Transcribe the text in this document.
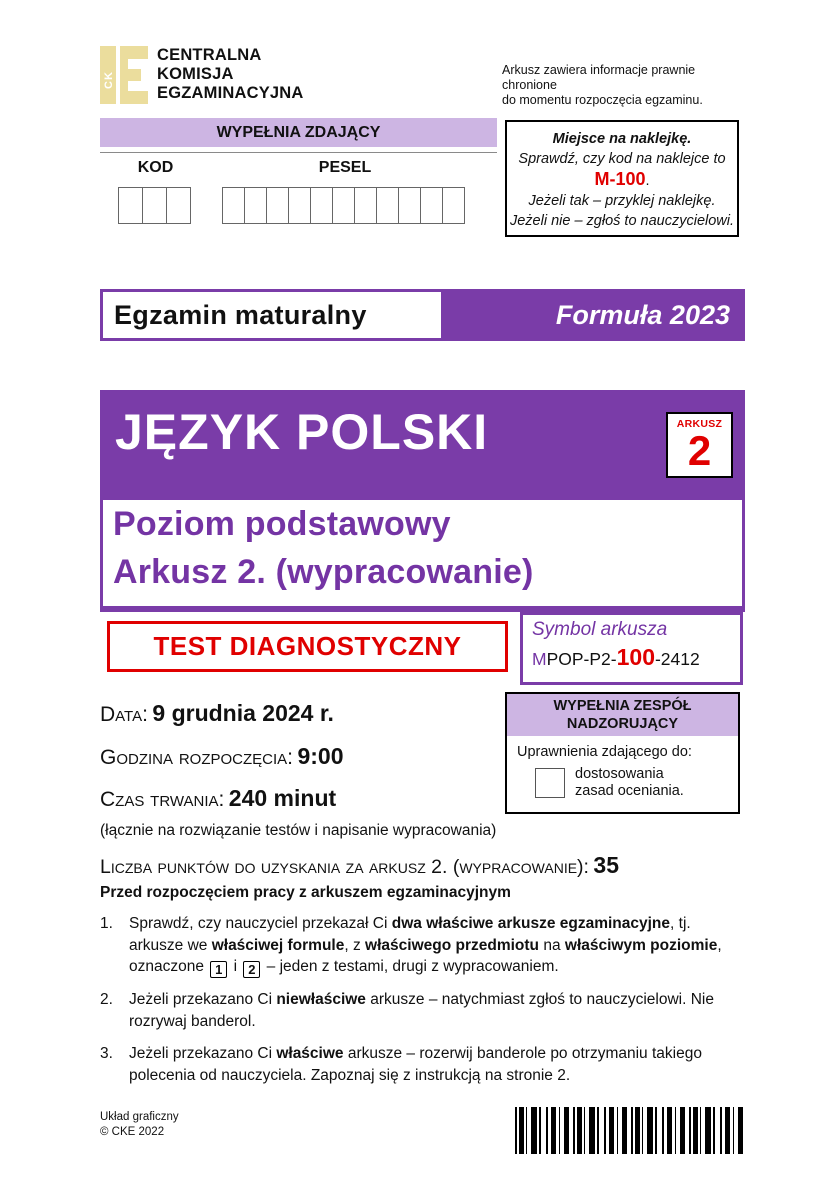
CK
CENTRALNA
KOMISJA
EGZAMINACYJNA
Arkusz zawiera informacje prawnie chronione
do momentu rozpoczęcia egzaminu.
WYPEŁNIA ZDAJĄCY
KOD	PESEL
Miejsce na naklejkę.
Sprawdź, czy kod na naklejce to
M-100.
Jeżeli tak – przyklej naklejkę.
Jeżeli nie – zgłoś to nauczycielowi.
Egzamin maturalny	Formuła 2023
JĘZYK POLSKI	ARKUSZ
2
Poziom podstawowy
Arkusz 2. (wypracowanie)
TEST DIAGNOSTYCZNY
Symbol arkusza
MPOP-P2-100-2412
Data: 9 grudnia 2024 r.
Godzina rozpoczęcia: 9:00
Czas trwania: 240 minut
(łącznie na rozwiązanie testów i napisanie wypracowania)
WYPEŁNIA ZESPÓŁ NADZORUJĄCY
Uprawnienia zdającego do:
dostosowania
zasad oceniania.
Liczba punktów do uzyskania za arkusz 2. (wypracowanie): 35
Przed rozpoczęciem pracy z arkuszem egzaminacyjnym
1.	Sprawdź, czy nauczyciel przekazał Ci dwa właściwe arkusze egzaminacyjne, tj. arkusze we właściwej formule, z właściwego przedmiotu na właściwym poziomie, oznaczone 1 i 2 – jeden z testami, drugi z wypracowaniem.
2.	Jeżeli przekazano Ci niewłaściwe arkusze – natychmiast zgłoś to nauczycielowi. Nie rozrywaj banderol.
3.	Jeżeli przekazano Ci właściwe arkusze – rozerwij banderole po otrzymaniu takiego polecenia od nauczyciela. Zapoznaj się z instrukcją na stronie 2.
Układ graficzny
© CKE 2022
